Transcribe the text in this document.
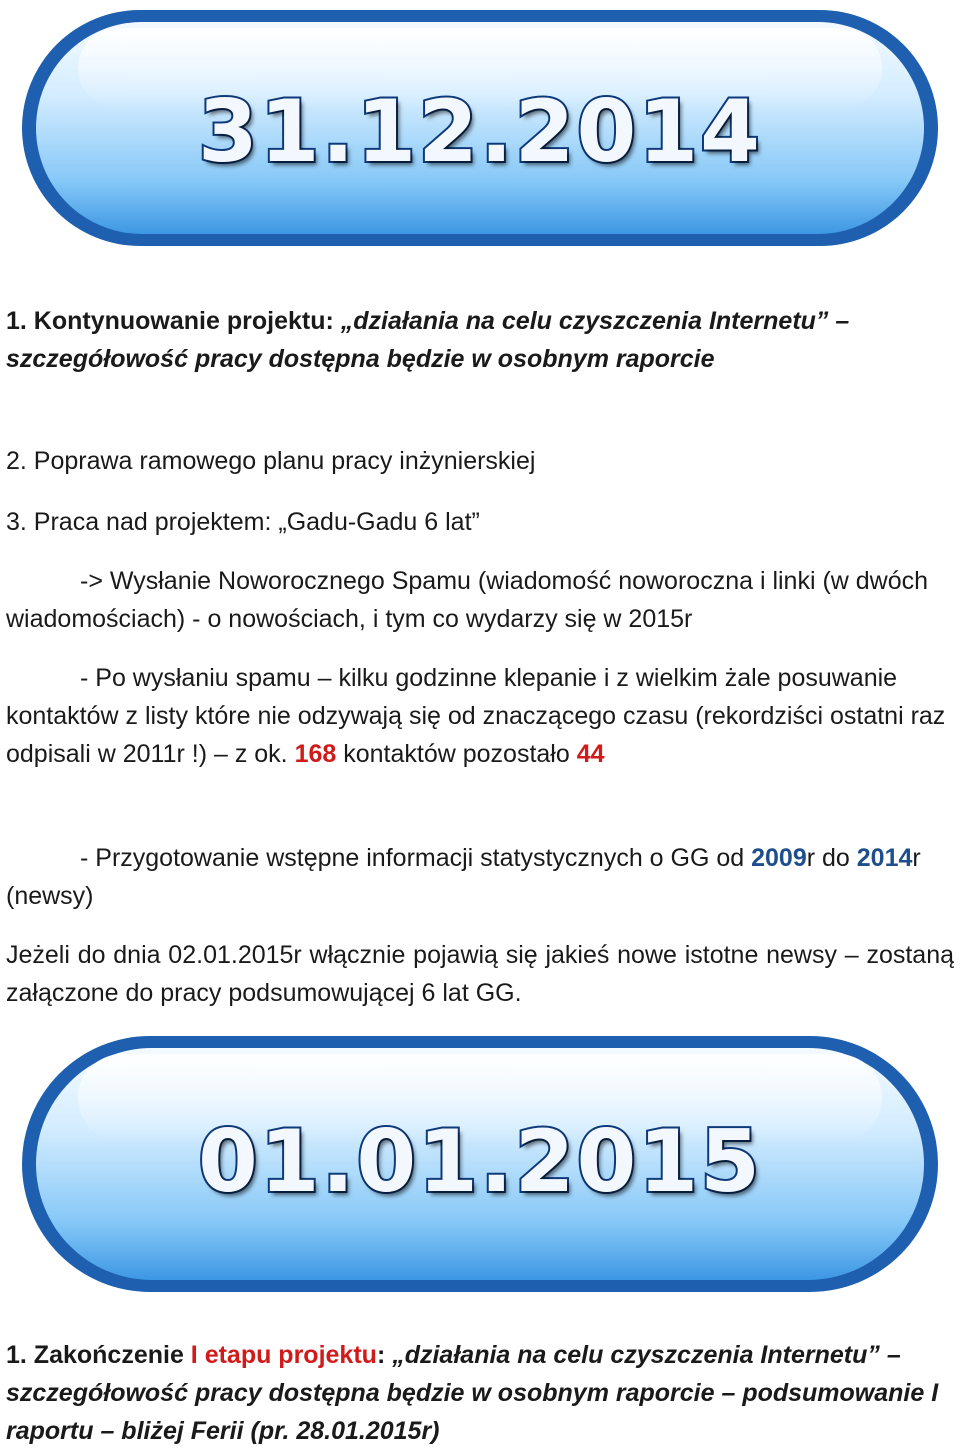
31.12.2014

1. Kontynuowanie projektu: „działania na celu czyszczenia Internetu” – szczegółowość pracy dostępna będzie w osobnym raporcie

2. Poprawa ramowego planu pracy inżynierskiej

3. Praca nad projektem: „Gadu-Gadu 6 lat”

-> Wysłanie Noworocznego Spamu (wiadomość noworoczna i linki (w dwóch wiadomościach) - o nowościach, i tym co wydarzy się w 2015r

- Po wysłaniu spamu – kilku godzinne klepanie i z wielkim żale posuwanie kontaktów z listy które nie odzywają się od znaczącego czasu (rekordziści ostatni raz odpisali w 2011r !) – z ok. 168 kontaktów pozostało 44

- Przygotowanie wstępne informacji statystycznych o GG od 2009r do 2014r (newsy)

Jeżeli do dnia 02.01.2015r włącznie pojawią się jakieś nowe istotne newsy – zostaną załączone do pracy podsumowującej 6 lat GG.

01.01.2015

1. Zakończenie I etapu projektu: „działania na celu czyszczenia Internetu” – szczegółowość pracy dostępna będzie w osobnym raporcie – podsumowanie I raportu – bliżej Ferii (pr. 28.01.2015r)
